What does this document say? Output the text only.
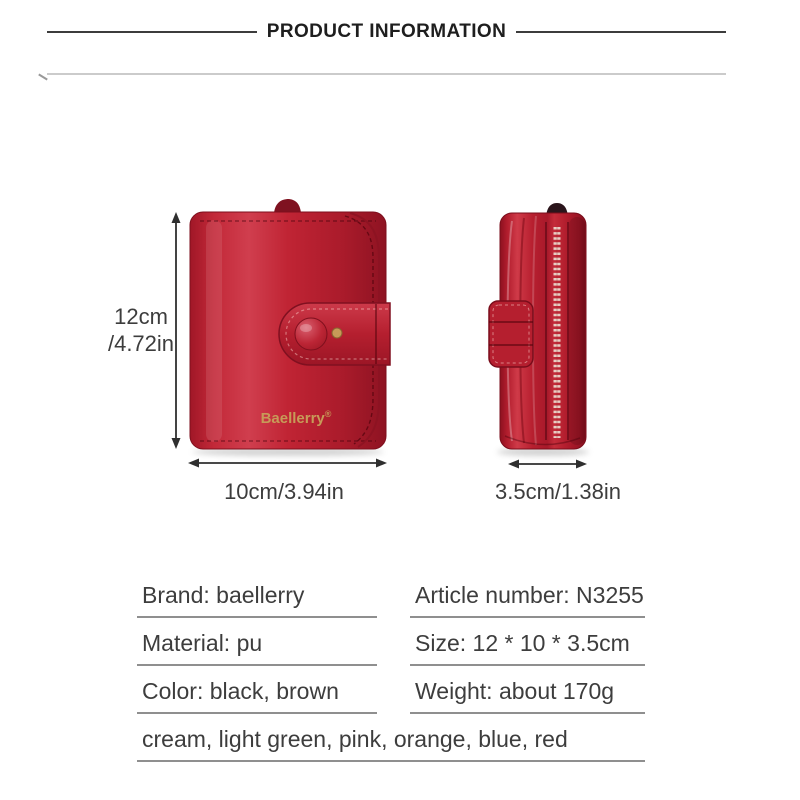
PRODUCT INFORMATION
Baellerry®
12cm
/4.72in
10cm/3.94in	3.5cm/1.38in
Brand: baellerry
Material: pu
Color: black, brown
Article number: N3255
Size: 12 * 10 * 3.5cm
Weight: about 170g
cream, light green, pink, orange, blue, red
